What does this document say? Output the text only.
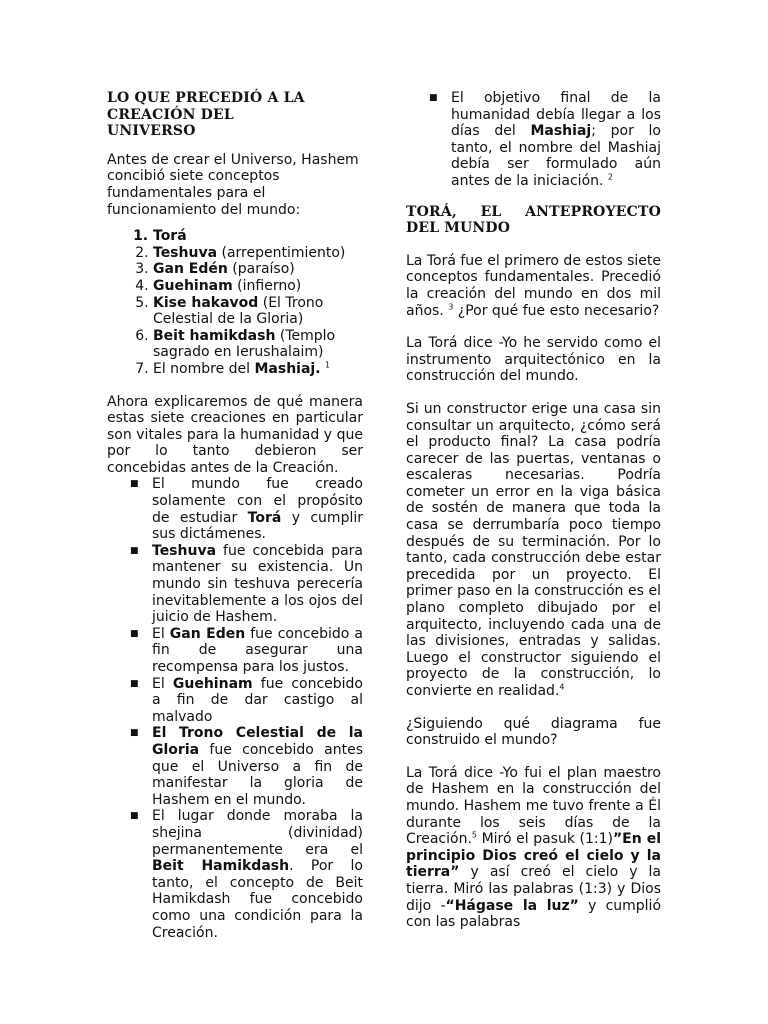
LO QUE PRECEDIÓ A LA CREACIÓN DEL UNIVERSO

Antes de crear el Universo, Hashem concibió siete conceptos fundamentales para el funcionamiento del mundo:

1. Torá
2. Teshuva (arrepentimiento)
3. Gan Edén (paraíso)
4. Guehinam (infierno)
5. Kise hakavod (El Trono Celestial de la Gloria)
6. Beit hamikdash (Templo sagrado en Ierushalaim)
7. El nombre del Mashiaj. $^1$

Ahora explicaremos de qué manera estas siete creaciones en particular son vitales para la humanidad y que por lo tanto debieron ser concebidas antes de la Creación.

■ El mundo fue creado solamente con el propósito de estudiar Torá y cumplir sus dictámenes.
■ Teshuva fue concebida para mantener su existencia. Un mundo sin teshuva perecería inevitablemente a los ojos del juicio de Hashem.
■ El Gan Eden fue concebido a fin de asegurar una recompensa para los justos.
■ El Guehinam fue concebido a fin de dar castigo al malvado
■ El Trono Celestial de la Gloria fue concebido antes que el Universo a fin de manifestar la gloria de Hashem en el mundo.
■ El lugar donde moraba la shejina (divinidad) permanentemente era el Beit Hamikdash. Por lo tanto, el concepto de Beit Hamikdash fue concebido como una condición para la Creación.
■ El objetivo final de la humanidad debía llegar a los días del Mashiaj; por lo tanto, el nombre del Mashiaj debía ser formulado aún antes de la iniciación. $^2$
TORÁ, EL ANTEPROYECTO DEL MUNDO

La Torá fue el primero de estos siete conceptos fundamentales. Precedió la creación del mundo en dos mil años. $^3$ ¿Por qué fue esto necesario?

La Torá dice -Yo he servido como el instrumento arquitectónico en la construcción del mundo.

Si un constructor erige una casa sin consultar un arquitecto, ¿cómo será el producto final? La casa podría carecer de las puertas, ventanas o escaleras necesarias. Podría cometer un error en la viga básica de sostén de manera que toda la casa se derrumbaría poco tiempo después de su terminación. Por lo tanto, cada construcción debe estar precedida por un proyecto. El primer paso en la construcción es el plano completo dibujado por el arquitecto, incluyendo cada una de las divisiones, entradas y salidas. Luego el constructor siguiendo el proyecto de la construcción, lo convierte en realidad.$^4$

¿Siguiendo qué diagrama fue construido el mundo?

La Torá dice -Yo fui el plan maestro de Hashem en la construcción del mundo. Hashem me tuvo frente a Él durante los seis días de la Creación.$^5$ Miró el pasuk (1:1)”En el principio Dios creó el cielo y la tierra” y así creó el cielo y la tierra. Miró las palabras (1:3) y Dios dijo -“Hágase la luz” y cumplió con las palabras
